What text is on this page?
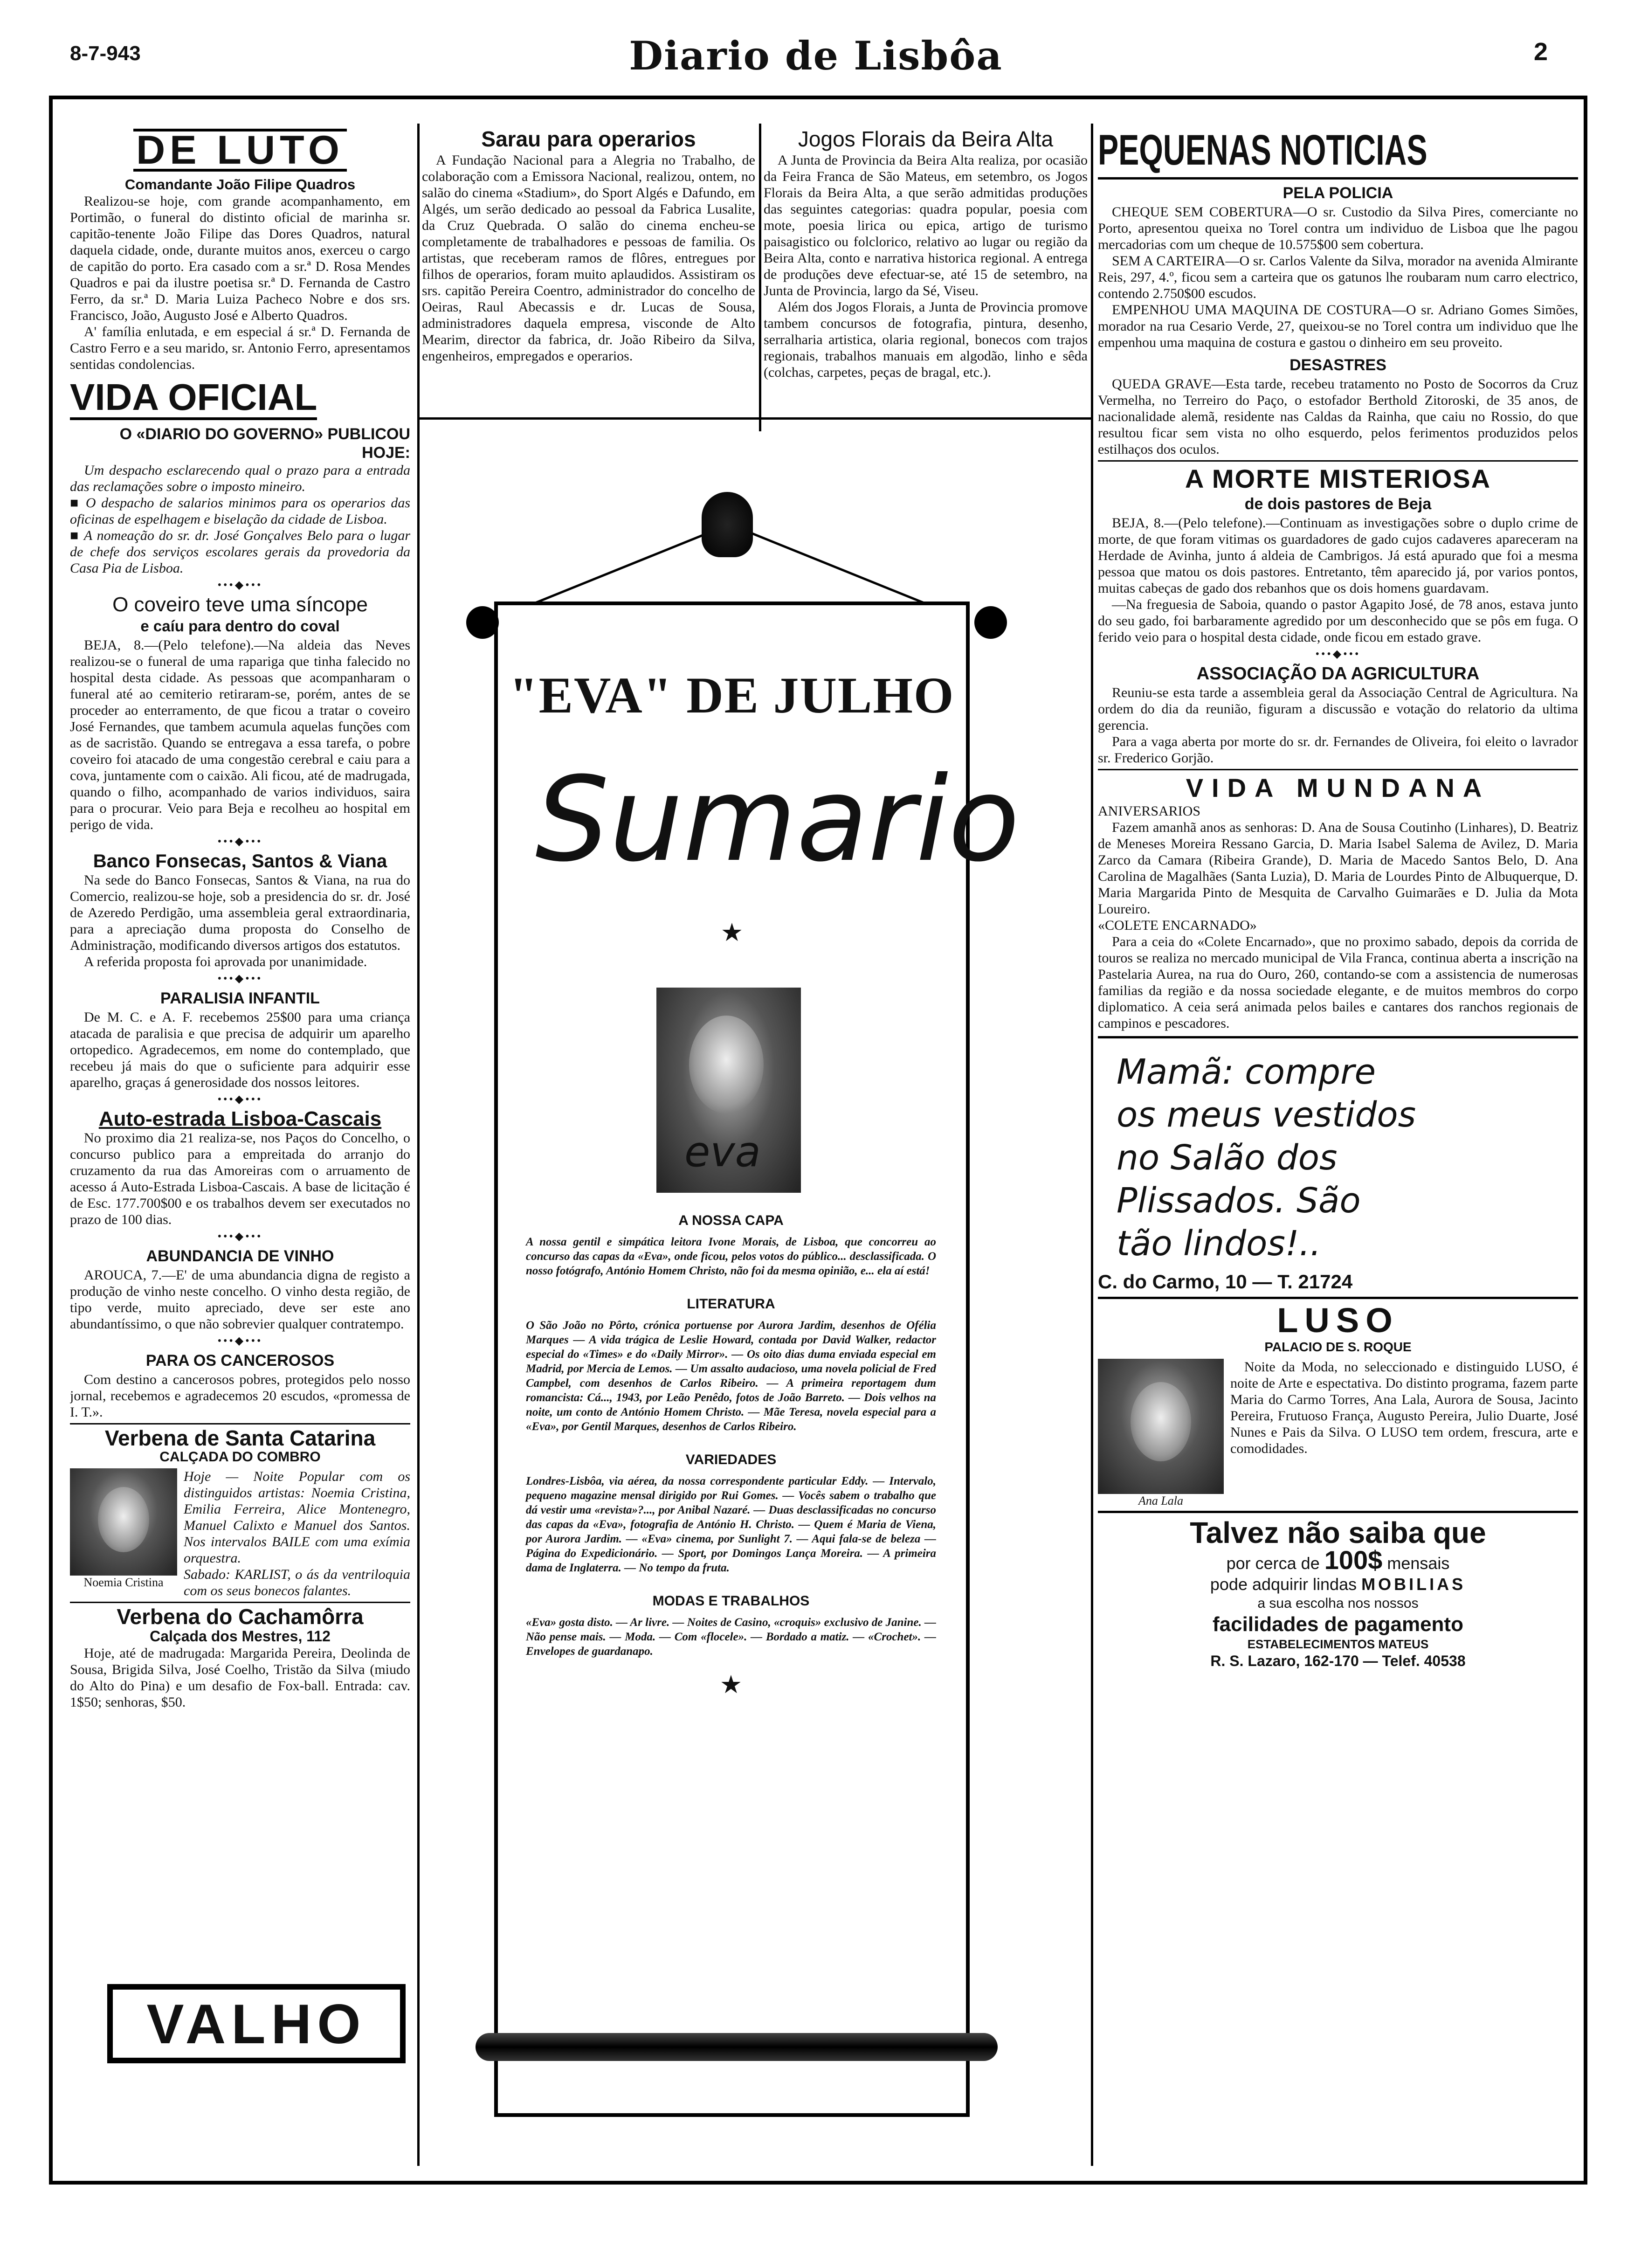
8-7-943	Diario de Lisbôa	2
DE LUTO
Comandante João Filipe Quadros
Realizou-se hoje, com grande acompanhamento, em Portimão, o funeral do distinto oficial de marinha sr. capitão-tenente João Filipe das Dores Quadros, natural daquela cidade, onde, durante muitos anos, exerceu o cargo de capitão do porto. Era casado com a sr.ª D. Rosa Mendes Quadros e pai da ilustre poetisa sr.ª D. Fernanda de Castro Ferro, da sr.ª D. Maria Luiza Pacheco Nobre e dos srs. Francisco, João, Augusto José e Alberto Quadros.
A' família enlutada, e em especial á sr.ª D. Fernanda de Castro Ferro e a seu marido, sr. Antonio Ferro, apresentamos sentidas condolencias.
VIDA OFICIAL
O «DIARIO DO GOVERNO» PUBLICOU HOJE:
Um despacho esclarecendo qual o prazo para a entrada das reclamações sobre o imposto mineiro.
■ O despacho de salarios minimos para os operarios das oficinas de espelhagem e biselação da cidade de Lisboa.
■ A nomeação do sr. dr. José Gonçalves Belo para o lugar de chefe dos serviços escolares gerais da provedoria da Casa Pia de Lisboa.
•••◆•••
O coveiro teve uma síncope
e caíu para dentro do coval
BEJA, 8.—(Pelo telefone).—Na aldeia das Neves realizou-se o funeral de uma rapariga que tinha falecido no hospital desta cidade. As pessoas que acompanharam o funeral até ao cemiterio retiraram-se, porém, antes de se proceder ao enterramento, de que ficou a tratar o coveiro José Fernandes, que tambem acumula aquelas funções com as de sacristão. Quando se entregava a essa tarefa, o pobre coveiro foi atacado de uma congestão cerebral e caiu para a cova, juntamente com o caixão. Ali ficou, até de madrugada, quando o filho, acompanhado de varios individuos, saira para o procurar. Veio para Beja e recolheu ao hospital em perigo de vida.
•••◆•••
Banco Fonsecas, Santos & Viana
Na sede do Banco Fonsecas, Santos & Viana, na rua do Comercio, realizou-se hoje, sob a presidencia do sr. dr. José de Azeredo Perdigão, uma assembleia geral extraordinaria, para a apreciação duma proposta do Conselho de Administração, modificando diversos artigos dos estatutos.
A referida proposta foi aprovada por unanimidade.
•••◆•••
PARALISIA INFANTIL
De M. C. e A. F. recebemos 25$00 para uma criança atacada de paralisia e que precisa de adquirir um aparelho ortopedico. Agradecemos, em nome do contemplado, que recebeu já mais do que o suficiente para adquirir esse aparelho, graças á generosidade dos nossos leitores.
•••◆•••
Auto-estrada Lisboa-Cascais
No proximo dia 21 realiza-se, nos Paços do Concelho, o concurso publico para a empreitada do arranjo do cruzamento da rua das Amoreiras com o arruamento de acesso á Auto-Estrada Lisboa-Cascais. A base de licitação é de Esc. 177.700$00 e os trabalhos devem ser executados no prazo de 100 dias.
•••◆•••
ABUNDANCIA DE VINHO
AROUCA, 7.—E' de uma abundancia digna de registo a produção de vinho neste concelho. O vinho desta região, de tipo verde, muito apreciado, deve ser este ano abundantíssimo, o que não sobrevier qualquer contratempo.
•••◆•••
PARA OS CANCEROSOS
Com destino a cancerosos pobres, protegidos pelo nosso jornal, recebemos e agradecemos 20 escudos, «promessa de I. T.».
Verbena de Santa Catarina
CALÇADA DO COMBRO
Noemia Cristina
Hoje — Noite Popular com os distinguidos artistas: Noemia Cristina, Emilia Ferreira, Alice Montenegro, Manuel Calixto e Manuel dos Santos. Nos intervalos BAILE com uma exímia orquestra.
Sabado: KARLIST, o ás da ventriloquia com os seus bonecos falantes.
Verbena do Cachamôrra
Calçada dos Mestres, 112
Hoje, até de madrugada: Margarida Pereira, Deolinda de Sousa, Brigida Silva, José Coelho, Tristão da Silva (miudo do Alto do Pina) e um desafio de Fox-ball. Entrada: cav. 1$50; senhoras, $50.
VALHO
Sarau para operarios
A Fundação Nacional para a Alegria no Trabalho, de colaboração com a Emissora Nacional, realizou, ontem, no salão do cinema «Stadium», do Sport Algés e Dafundo, em Algés, um serão dedicado ao pessoal da Fabrica Lusalite, da Cruz Quebrada. O salão do cinema encheu-se completamente de trabalhadores e pessoas de familia. Os artistas, que receberam ramos de flôres, entregues por filhos de operarios, foram muito aplaudidos. Assistiram os srs. capitão Pereira Coentro, administrador do concelho de Oeiras, Raul Abecassis e dr. Lucas de Sousa, administradores daquela empresa, visconde de Alto Mearim, director da fabrica, dr. João Ribeiro da Silva, engenheiros, empregados e operarios.
Jogos Florais da Beira Alta
A Junta de Provincia da Beira Alta realiza, por ocasião da Feira Franca de São Mateus, em setembro, os Jogos Florais da Beira Alta, a que serão admitidas produções das seguintes categorias: quadra popular, poesia com mote, poesia lirica ou epica, artigo de turismo paisagistico ou folclorico, relativo ao lugar ou região da Beira Alta, conto e narrativa historica regional. A entrega de produções deve efectuar-se, até 15 de setembro, na Junta de Provincia, largo da Sé, Viseu.
Além dos Jogos Florais, a Junta de Provincia promove tambem concursos de fotografia, pintura, desenho, serralharia artistica, olaria regional, bonecos com trajos regionais, trabalhos manuais em algodão, linho e sêda (colchas, carpetes, peças de bragal, etc.).
"EVA" DE JULHO
Sumario
★
eva
A NOSSA CAPA
A nossa gentil e simpática leitora Ivone Morais, de Lisboa, que concorreu ao concurso das capas da «Eva», onde ficou, pelos votos do público... desclassificada. O nosso fotógrafo, António Homem Christo, não foi da mesma opinião, e... ela aí está!
LITERATURA
O São João no Pôrto, crónica portuense por Aurora Jardim, desenhos de Ofélia Marques — A vida trágica de Leslie Howard, contada por David Walker, redactor especial do «Times» e do «Daily Mirror». — Os oito dias duma enviada especial em Madrid, por Mercia de Lemos. — Um assalto audacioso, uma novela policial de Fred Campbel, com desenhos de Carlos Ribeiro. — A primeira reportagem dum romancista: Cá..., 1943, por Leão Penêdo, fotos de João Barreto. — Dois velhos na noite, um conto de António Homem Christo. — Mãe Teresa, novela especial para a «Eva», por Gentil Marques, desenhos de Carlos Ribeiro.
VARIEDADES
Londres-Lisbôa, via aérea, da nossa correspondente particular Eddy. — Intervalo, pequeno magazine mensal dirigido por Rui Gomes. — Vocês sabem o trabalho que dá vestir uma «revista»?..., por Anibal Nazaré. — Duas desclassificadas no concurso das capas da «Eva», fotografia de António H. Christo. — Quem é Maria de Viena, por Aurora Jardim. — «Eva» cinema, por Sunlight 7. — Aqui fala-se de beleza — Página do Expedicionário. — Sport, por Domingos Lança Moreira. — A primeira dama de Inglaterra. — No tempo da fruta.
MODAS E TRABALHOS
«Eva» gosta disto. — Ar livre. — Noites de Casino, «croquis» exclusivo de Janine. — Não pense mais. — Moda. — Com «flocele». — Bordado a matiz. — «Crochet». — Envelopes de guardanapo.
★
PEQUENAS NOTICIAS
PELA POLICIA
CHEQUE SEM COBERTURA—O sr. Custodio da Silva Pires, comerciante no Porto, apresentou queixa no Torel contra um individuo de Lisboa que lhe pagou mercadorias com um cheque de 10.575$00 sem cobertura.
SEM A CARTEIRA—O sr. Carlos Valente da Silva, morador na avenida Almirante Reis, 297, 4.º, ficou sem a carteira que os gatunos lhe roubaram num carro electrico, contendo 2.750$00 escudos.
EMPENHOU UMA MAQUINA DE COSTURA—O sr. Adriano Gomes Simões, morador na rua Cesario Verde, 27, queixou-se no Torel contra um individuo que lhe empenhou uma maquina de costura e gastou o dinheiro em seu proveito.
DESASTRES
QUEDA GRAVE—Esta tarde, recebeu tratamento no Posto de Socorros da Cruz Vermelha, no Terreiro do Paço, o estofador Berthold Zitoroski, de 35 anos, de nacionalidade alemã, residente nas Caldas da Rainha, que caiu no Rossio, do que resultou ficar sem vista no olho esquerdo, pelos ferimentos produzidos pelos estilhaços dos oculos.
A MORTE MISTERIOSA
de dois pastores de Beja
BEJA, 8.—(Pelo telefone).—Continuam as investigações sobre o duplo crime de morte, de que foram vitimas os guardadores de gado cujos cadaveres apareceram na Herdade de Avinha, junto á aldeia de Cambrigos. Já está apurado que foi a mesma pessoa que matou os dois pastores. Entretanto, têm aparecido já, por varios pontos, muitas cabeças de gado dos rebanhos que os dois homens guardavam.
—Na freguesia de Saboia, quando o pastor Agapito José, de 78 anos, estava junto do seu gado, foi barbaramente agredido por um desconhecido que se pôs em fuga. O ferido veio para o hospital desta cidade, onde ficou em estado grave.
•••◆•••
ASSOCIAÇÃO DA AGRICULTURA
Reuniu-se esta tarde a assembleia geral da Associação Central de Agricultura. Na ordem do dia da reunião, figuram a discussão e votação do relatorio da ultima gerencia.
Para a vaga aberta por morte do sr. dr. Fernandes de Oliveira, foi eleito o lavrador sr. Frederico Gorjão.
VIDA MUNDANA
ANIVERSARIOS
Fazem amanhã anos as senhoras: D. Ana de Sousa Coutinho (Linhares), D. Beatriz de Meneses Moreira Ressano Garcia, D. Maria Isabel Salema de Avilez, D. Maria Zarco da Camara (Ribeira Grande), D. Maria de Macedo Santos Belo, D. Ana Carolina de Magalhães (Santa Luzia), D. Maria de Lourdes Pinto de Albuquerque, D. Maria Margarida Pinto de Mesquita de Carvalho Guimarães e D. Julia da Mota Loureiro.
«COLETE ENCARNADO»
Para a ceia do «Colete Encarnado», que no proximo sabado, depois da corrida de touros se realiza no mercado municipal de Vila Franca, continua aberta a inscrição na Pastelaria Aurea, na rua do Ouro, 260, contando-se com a assistencia de numerosas familias da região e da nossa sociedade elegante, e de muitos membros do corpo diplomatico. A ceia será animada pelos bailes e cantares dos ranchos regionais de campinos e pescadores.
Mamã: compre
os meus vestidos
no Salão dos
Plissados. São
tão lindos!..
C. do Carmo, 10 — T. 21724
LUSO
PALACIO DE S. ROQUE
Ana Lala
Noite da Moda, no seleccionado e distinguido LUSO, é noite de Arte e espectativa. Do distinto programa, fazem parte Maria do Carmo Torres, Ana Lala, Aurora de Sousa, Jacinto Pereira, Frutuoso França, Augusto Pereira, Julio Duarte, José Nunes e Pais da Silva. O LUSO tem ordem, frescura, arte e comodidades.
Talvez não saiba que
por cerca de 100$ mensais
pode adquirir lindas MOBILIAS
a sua escolha nos nossos
facilidades de pagamento
ESTABELECIMENTOS MATEUS
R. S. Lazaro, 162-170 — Telef. 40538
